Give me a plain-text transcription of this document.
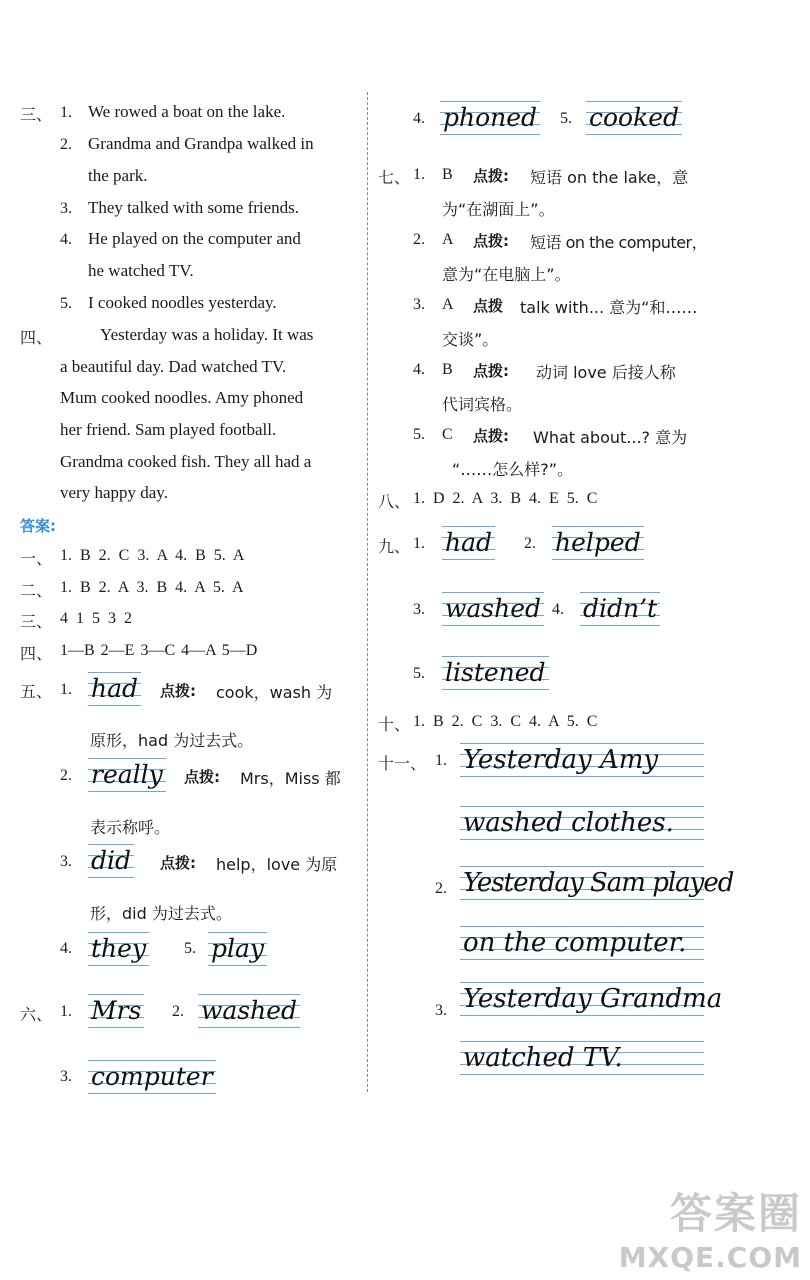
三、 1. We rowed a boat on the lake.
2. Grandma and Grandpa walked in
the park.
3. They talked with some friends.
4. He played on the computer and
he watched TV.
5. I cooked noodles yesterday.
四、	Yesterday was a holiday. It was
a beautiful day. Dad watched TV.
Mum cooked noodles. Amy phoned
her friend. Sam played football.
Grandma cooked fish. They all had a
very happy day.
答案:
一、 1. B 2. C 3. A 4. B 5. A
二、 1. B 2. A 3. B 4. A 5. A
三、 4 1 5 3 2
四、 1—B 2—E 3—C 4—A 5—D
五、 1. had 点拨: cook，wash 为
原形，had 为过去式。
2. really 点拨: Mrs，Miss 都
表示称呼。
3. did 点拨: help，love 为原
形，did 为过去式。
4. they 5. play
六、 1. Mrs 2. washed
3. computer
4. phoned 5. cooked
七、 1. B 点拨: 短语 on the lake，意
为“在湖面上”。
2. A 点拨: 短语 on the computer，
意为“在电脑上”。
3. A 点拨 talk with... 意为“和……
交谈”。
4. B 点拨: 动词 love 后接人称
代词宾格。
5. C 点拨: What about...? 意为
“……怎么样?”。
八、 1. D 2. A 3. B 4. E 5. C
九、 1. had 2. helped
3. washed 4. didn’t
5. listened
十、 1. B 2. C 3. C 4. A 5. C
十一、 1. Yesterday Amy
washed clothes.
2. Yesterday Sam played
on the computer.
3. Yesterday Grandma
watched TV.
答案圈
MXQE.COM
